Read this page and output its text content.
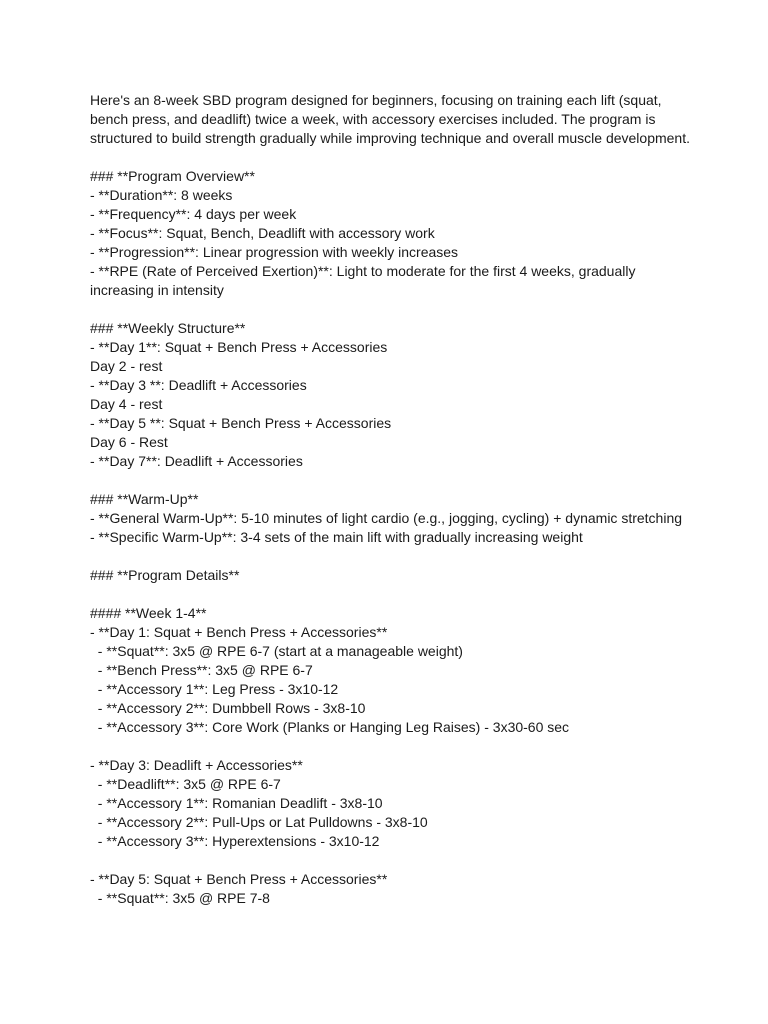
Here's an 8-week SBD program designed for beginners, focusing on training each lift (squat, bench press, and deadlift) twice a week, with accessory exercises included. The program is structured to build strength gradually while improving technique and overall muscle development.
### **Program Overview**
- **Duration**: 8 weeks
- **Frequency**: 4 days per week
- **Focus**: Squat, Bench, Deadlift with accessory work
- **Progression**: Linear progression with weekly increases
- **RPE (Rate of Perceived Exertion)**: Light to moderate for the first 4 weeks, gradually increasing in intensity
### **Weekly Structure**
- **Day 1**: Squat + Bench Press + Accessories
Day 2 - rest
- **Day 3 **: Deadlift + Accessories
Day 4 - rest
- **Day 5 **: Squat + Bench Press + Accessories
Day 6 - Rest
- **Day 7**: Deadlift + Accessories
### **Warm-Up**
- **General Warm-Up**: 5-10 minutes of light cardio (e.g., jogging, cycling) + dynamic stretching
- **Specific Warm-Up**: 3-4 sets of the main lift with gradually increasing weight
### **Program Details**
#### **Week 1-4**
- **Day 1: Squat + Bench Press + Accessories**
- **Squat**: 3x5 @ RPE 6-7 (start at a manageable weight)
- **Bench Press**: 3x5 @ RPE 6-7
- **Accessory 1**: Leg Press - 3x10-12
- **Accessory 2**: Dumbbell Rows - 3x8-10
- **Accessory 3**: Core Work (Planks or Hanging Leg Raises) - 3x30-60 sec
- **Day 3: Deadlift + Accessories**
- **Deadlift**: 3x5 @ RPE 6-7
- **Accessory 1**: Romanian Deadlift - 3x8-10
- **Accessory 2**: Pull-Ups or Lat Pulldowns - 3x8-10
- **Accessory 3**: Hyperextensions - 3x10-12
- **Day 5: Squat + Bench Press + Accessories**
- **Squat**: 3x5 @ RPE 7-8
